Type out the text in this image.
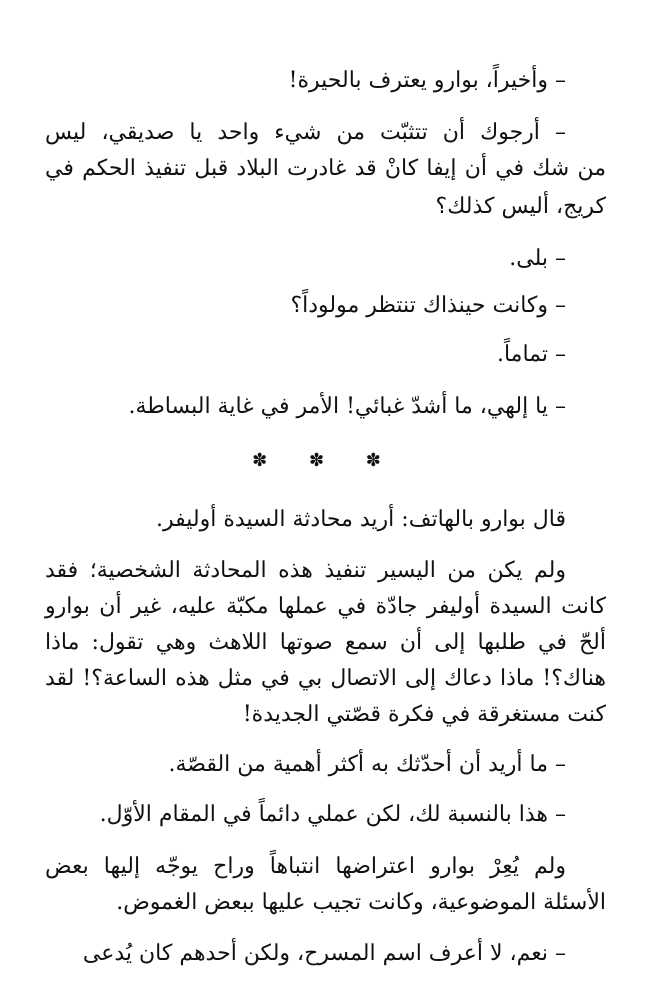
– وأخيراً، بوارو يعترف بالحيرة!
– أرجوك أن تتثبّت من شيء واحد يا صديقي، ليس
من شك في أن إيفا كانْ قد غادرت البلاد قبل تنفيذ الحكم في
كريج، أليس كذلك؟
– بلى.
– وكانت حينذاك تنتظر مولوداً؟
– تماماً.
– يا إلهي، ما أشدّ غبائي! الأمر في غاية البساطة.
✽ ✽ ✽
قال بوارو بالهاتف: أريد محادثة السيدة أوليفر.
ولم يكن من اليسير تنفيذ هذه المحادثة الشخصية؛ فقد
كانت السيدة أوليفر جادّة في عملها مكبّة عليه، غير أن بوارو
ألحّ في طلبها إلى أن سمع صوتها اللاهث وهي تقول: ماذا
هناك؟! ماذا دعاك إلى الاتصال بي في مثل هذه الساعة؟! لقد
كنت مستغرقة في فكرة قصّتي الجديدة!
– ما أريد أن أحدّثك به أكثر أهمية من القصّة.
– هذا بالنسبة لك، لكن عملي دائماً في المقام الأوّل.
ولم يُعِرْ بوارو اعتراضها انتباهاً وراح يوجّه إليها بعض
الأسئلة الموضوعية، وكانت تجيب عليها ببعض الغموض.
– نعم، لا أعرف اسم المسرح، ولكن أحدهم كان يُدعى
